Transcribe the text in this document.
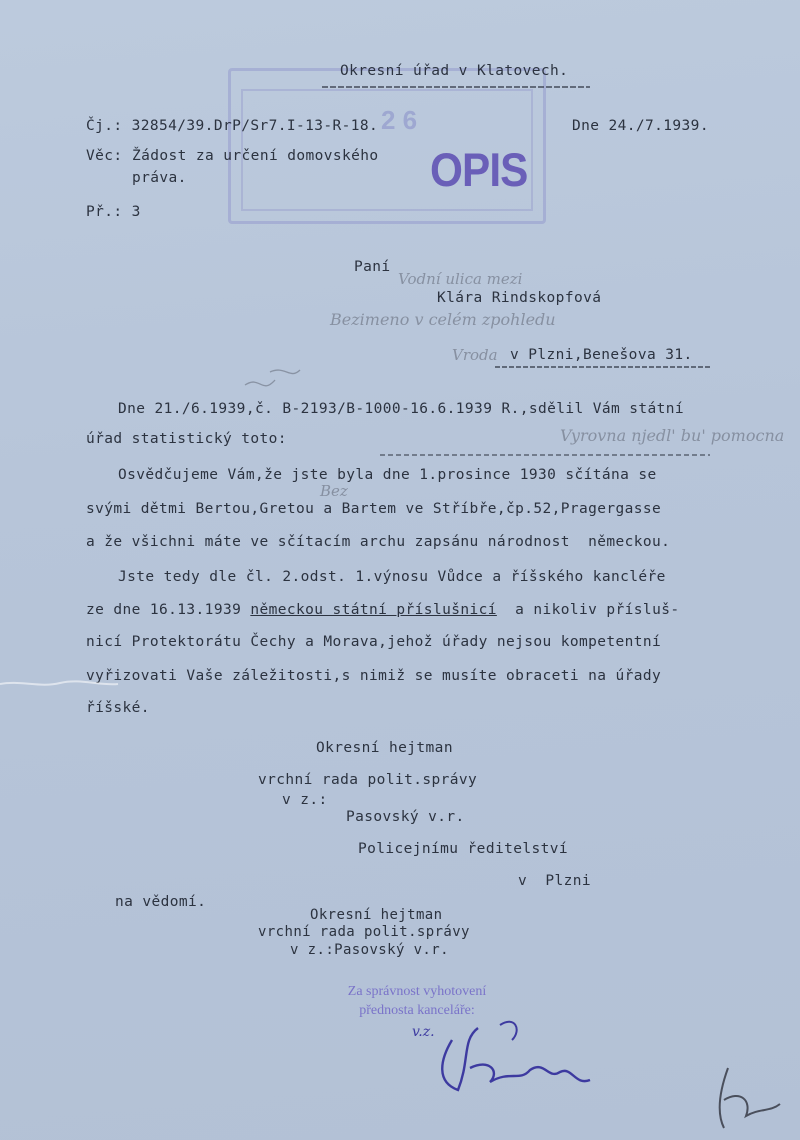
2 6
OPIS
Okresní úřad v Klatovech.
Čj.: 32854/39.DrP/Sr7.I-13-R-18.	Dne 24./7.1939.
Věc: Žádost za určení domovského
práva.
Př.: 3
Paní
Klára Rindskopfová
v Plzni,Benešova 31.
Vodní ulica mezi
Bezimeno v celém zpohledu
Vroda
Vyrovna njedl' bu' pomocna
Bez
Dne 21./6.1939,č. B-2193/B-1000-16.6.1939 R.,sdělil Vám státní
úřad statistický toto:
Osvědčujeme Vám,že jste byla dne 1.prosince 1930 sčítána se
svými dětmi Bertou,Gretou a Bartem ve Stříbře,čp.52,Pragergasse
a že všichni máte ve sčítacím archu zapsánu národnost  německou.
Jste tedy dle čl. 2.odst. 1.výnosu Vůdce a říšského kancléře
ze dne 16.13.1939 německou státní příslušnicí  a nikoliv přísluš-
nicí Protektorátu Čechy a Morava,jehož úřady nejsou kompetentní
vyřizovati Vaše záležitosti,s nimiž se musíte obraceti na úřady
říšské.
Okresní hejtman
vrchní rada polit.správy
v z.:
Pasovský v.r.
Policejnímu ředitelství
v  Plzni
na vědomí.
Okresní hejtman
vrchní rada polit.správy
v z.:Pasovský v.r.
Za správnost vyhotovení
přednosta kanceláře:
v.z.
